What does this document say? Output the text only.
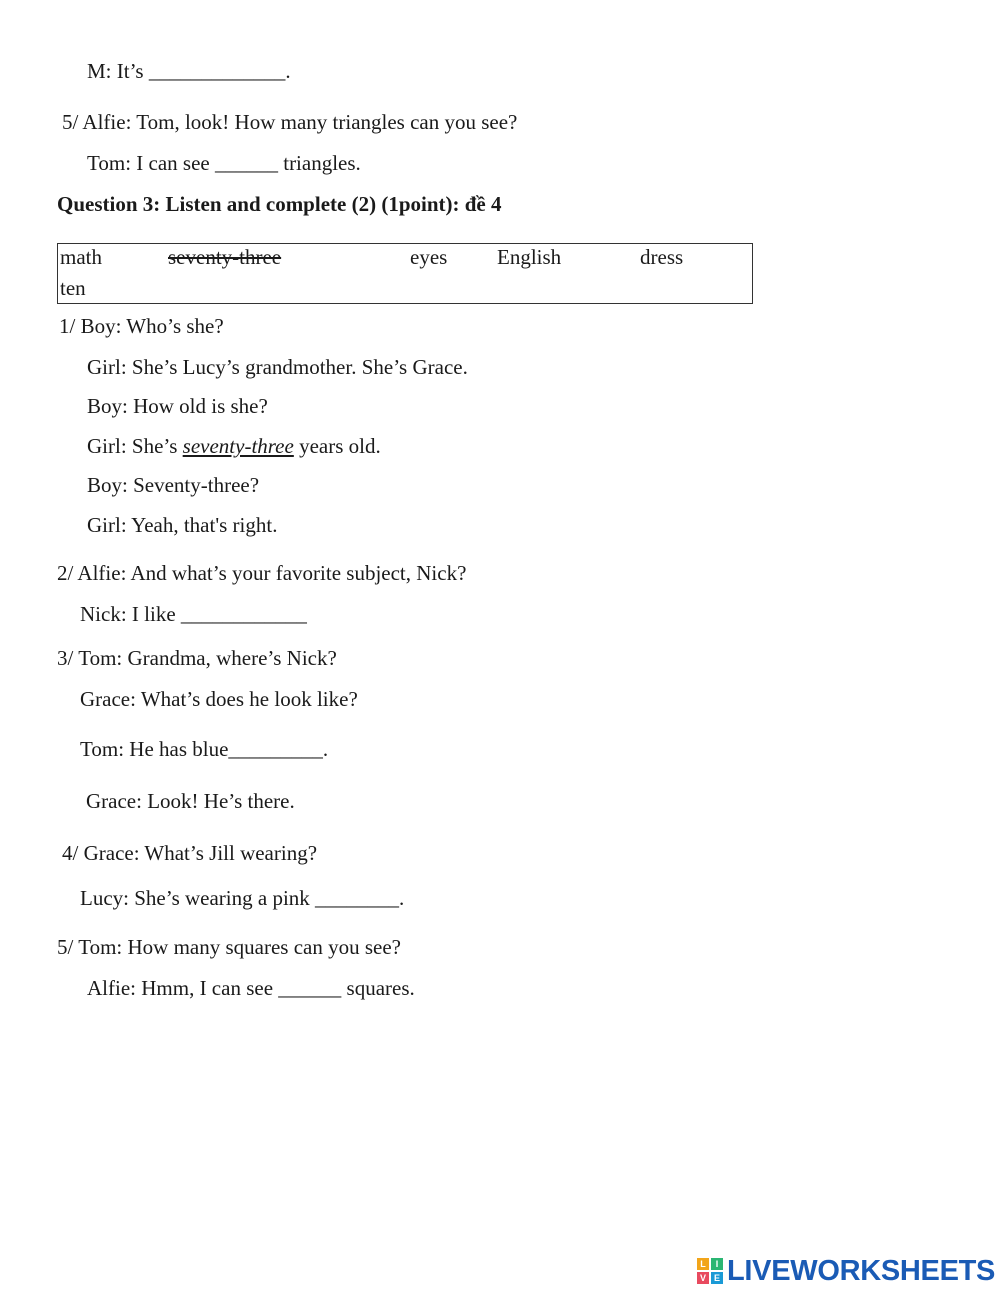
M: It’s _____________.
5/ Alfie: Tom, look! How many triangles can you see?
Tom: I can see ______ triangles.
Question 3: Listen and complete (2) (1point): đề 4
math	seventy-three	eyes English	dress
ten
1/ Boy: Who’s she?
Girl: She’s Lucy’s grandmother. She’s Grace.
Boy: How old is she?
Girl: She’s seventy-three years old.
Boy: Seventy-three?
Girl: Yeah, that's right.
2/ Alfie: And what’s your favorite subject, Nick?
Nick: I like ____________
3/ Tom: Grandma, where’s Nick?
Grace: What’s does he look like?
Tom: He has blue_________.
Grace: Look! He’s there.
4/ Grace: What’s Jill wearing?
Lucy: She’s wearing a pink ________.
5/ Tom: How many squares can you see?
Alfie: Hmm, I can see ______ squares.
L	I
V E LIVEWORKSHEETS
